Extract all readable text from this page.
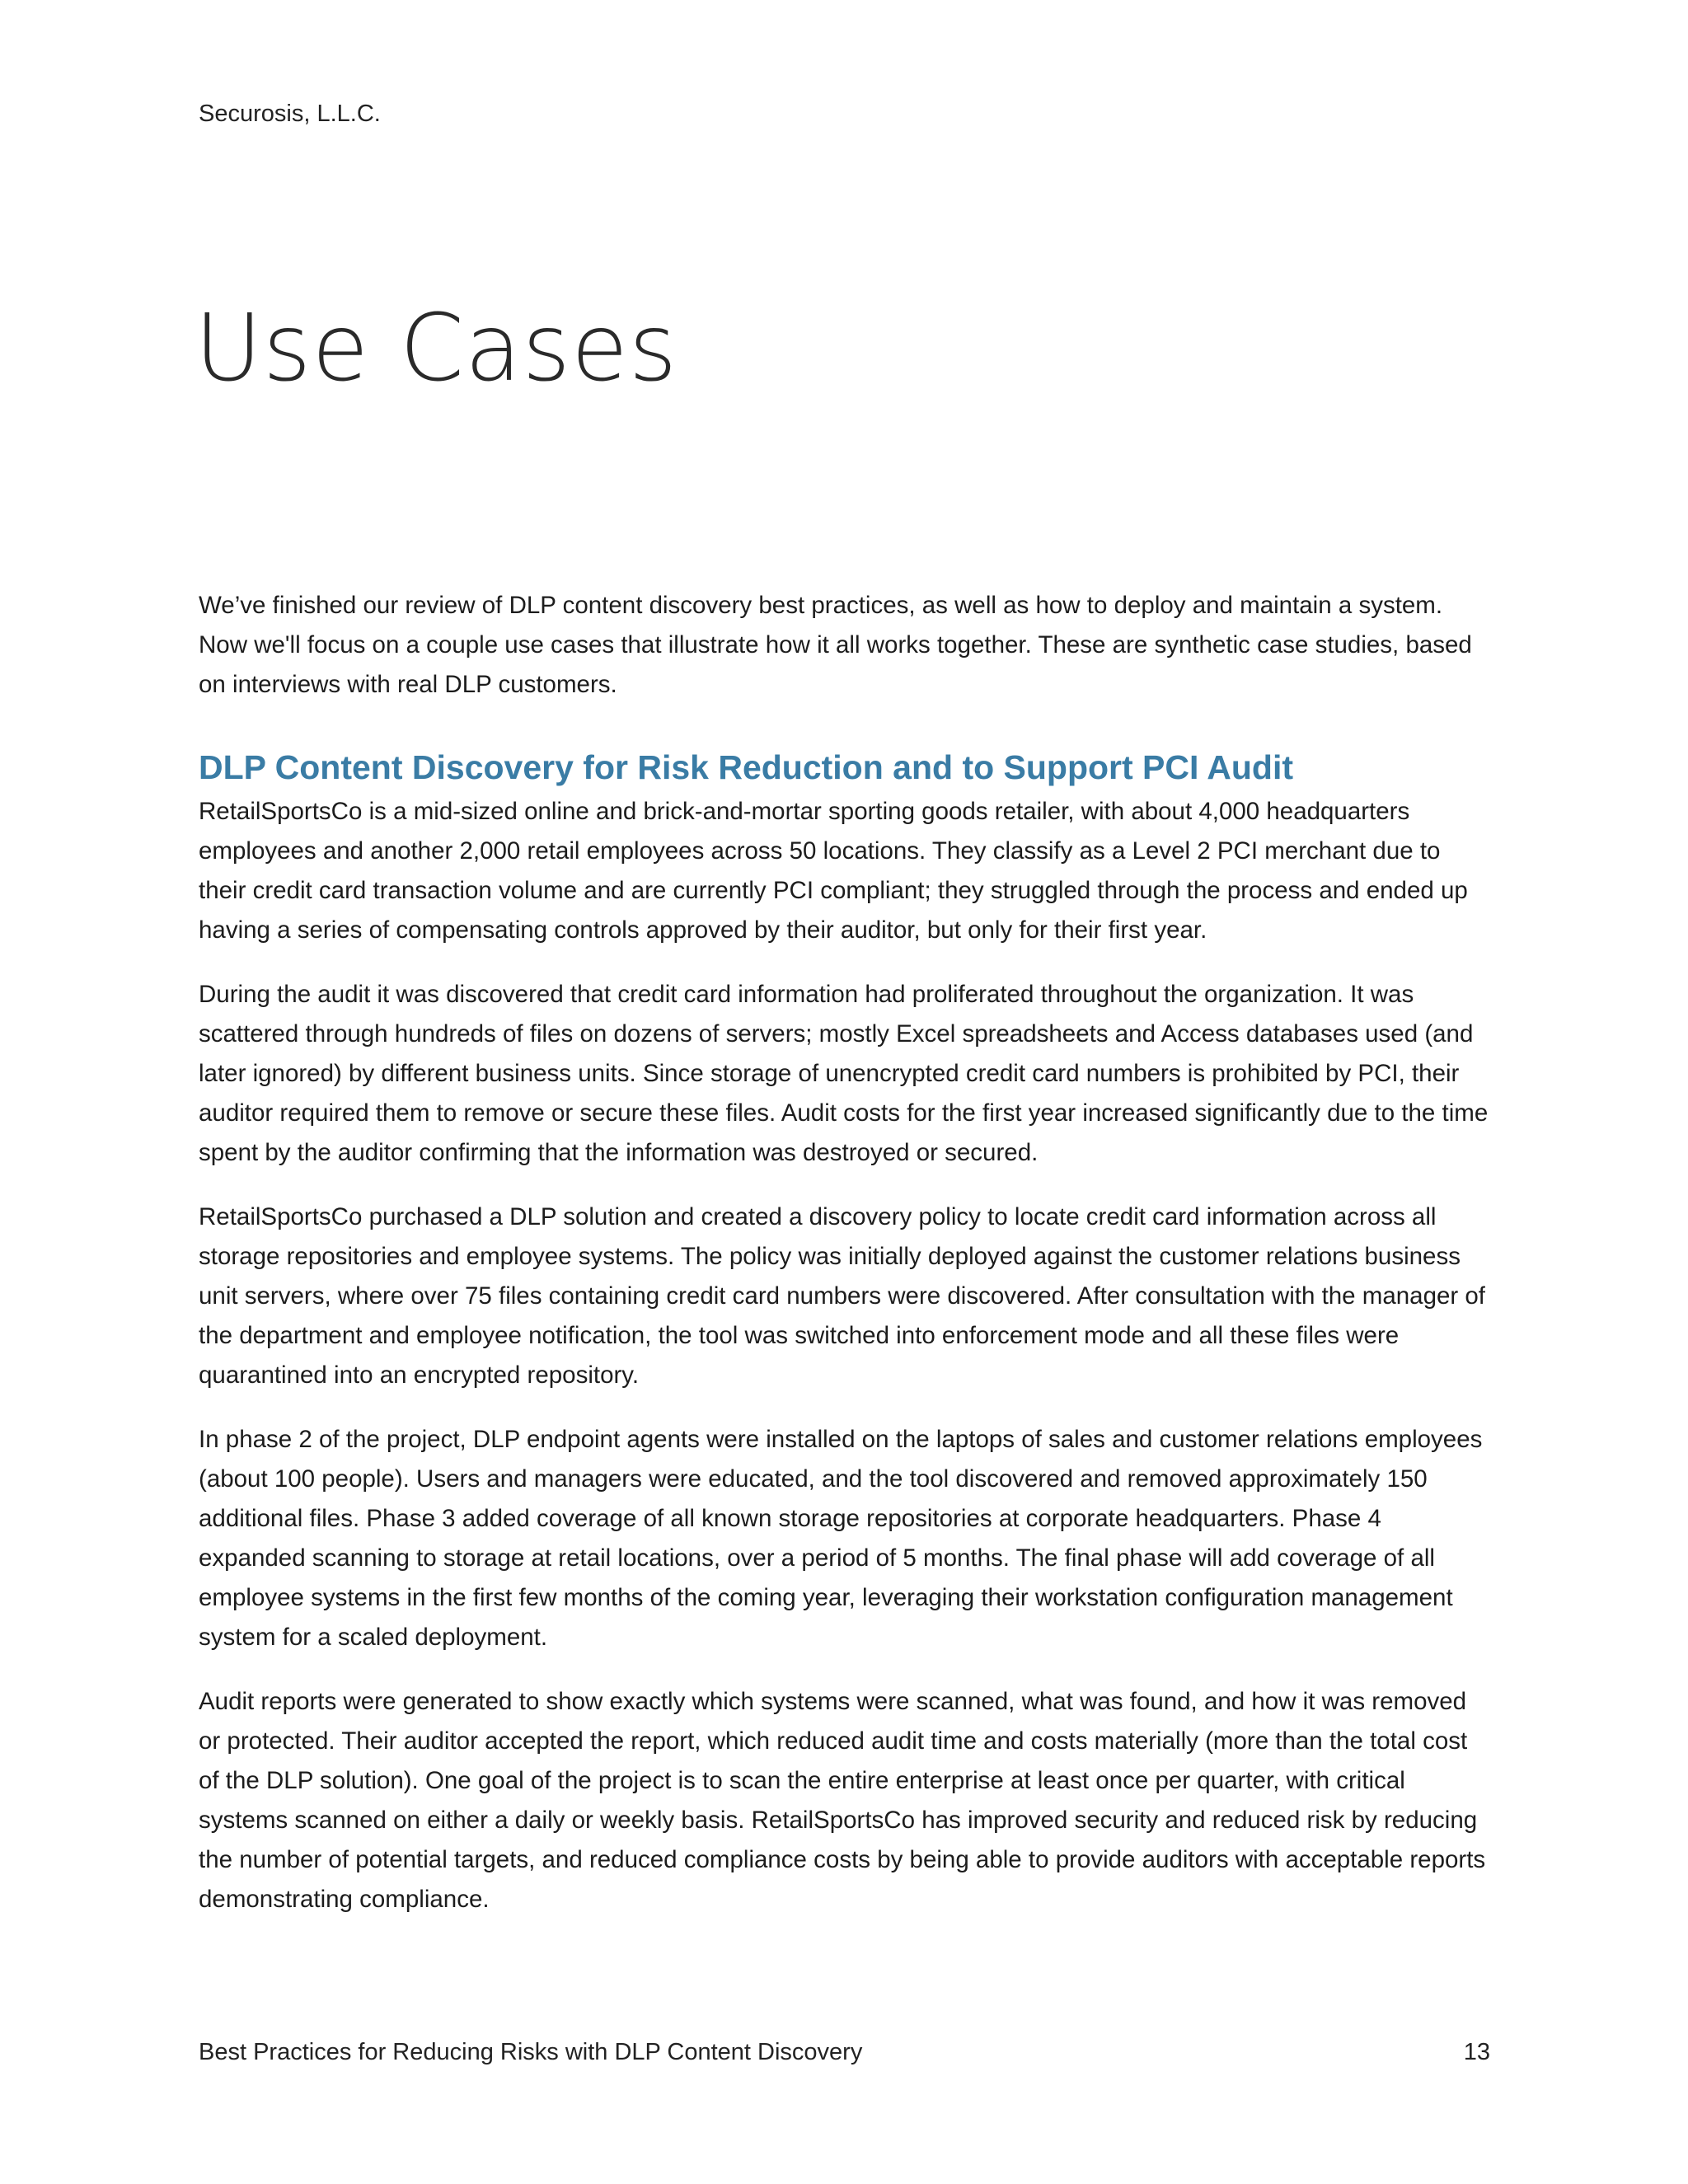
Securosis, L.L.C.
Use Cases

We’ve finished our review of DLP content discovery best practices, as well as how to deploy and maintain a system. Now we'll focus on a couple use cases that illustrate how it all works together. These are synthetic case studies, based on interviews with real DLP customers.

DLP Content Discovery for Risk Reduction and to Support PCI Audit

RetailSportsCo is a mid-sized online and brick-and-mortar sporting goods retailer, with about 4,000 headquarters employees and another 2,000 retail employees across 50 locations. They classify as a Level 2 PCI merchant due to their credit card transaction volume and are currently PCI compliant; they struggled through the process and ended up having a series of compensating controls approved by their auditor, but only for their first year.

During the audit it was discovered that credit card information had proliferated throughout the organization. It was scattered through hundreds of files on dozens of servers; mostly Excel spreadsheets and Access databases used (and later ignored) by different business units. Since storage of unencrypted credit card numbers is prohibited by PCI, their auditor required them to remove or secure these files. Audit costs for the first year increased significantly due to the time spent by the auditor confirming that the information was destroyed or secured.

RetailSportsCo purchased a DLP solution and created a discovery policy to locate credit card information across all storage repositories and employee systems. The policy was initially deployed against the customer relations business unit servers, where over 75 files containing credit card numbers were discovered. After consultation with the manager of the department and employee notification, the tool was switched into enforcement mode and all these files were quarantined into an encrypted repository.

In phase 2 of the project, DLP endpoint agents were installed on the laptops of sales and customer relations employees (about 100 people). Users and managers were educated, and the tool discovered and removed approximately 150 additional files. Phase 3 added coverage of all known storage repositories at corporate headquarters. Phase 4 expanded scanning to storage at retail locations, over a period of 5 months. The final phase will add coverage of all employee systems in the first few months of the coming year, leveraging their workstation configuration management system for a scaled deployment.

Audit reports were generated to show exactly which systems were scanned, what was found, and how it was removed or protected. Their auditor accepted the report, which reduced audit time and costs materially (more than the total cost of the DLP solution). One goal of the project is to scan the entire enterprise at least once per quarter, with critical systems scanned on either a daily or weekly basis. RetailSportsCo has improved security and reduced risk by reducing the number of potential targets, and reduced compliance costs by being able to provide auditors with acceptable reports demonstrating compliance.

Best Practices for Reducing Risks with DLP Content Discovery	13
